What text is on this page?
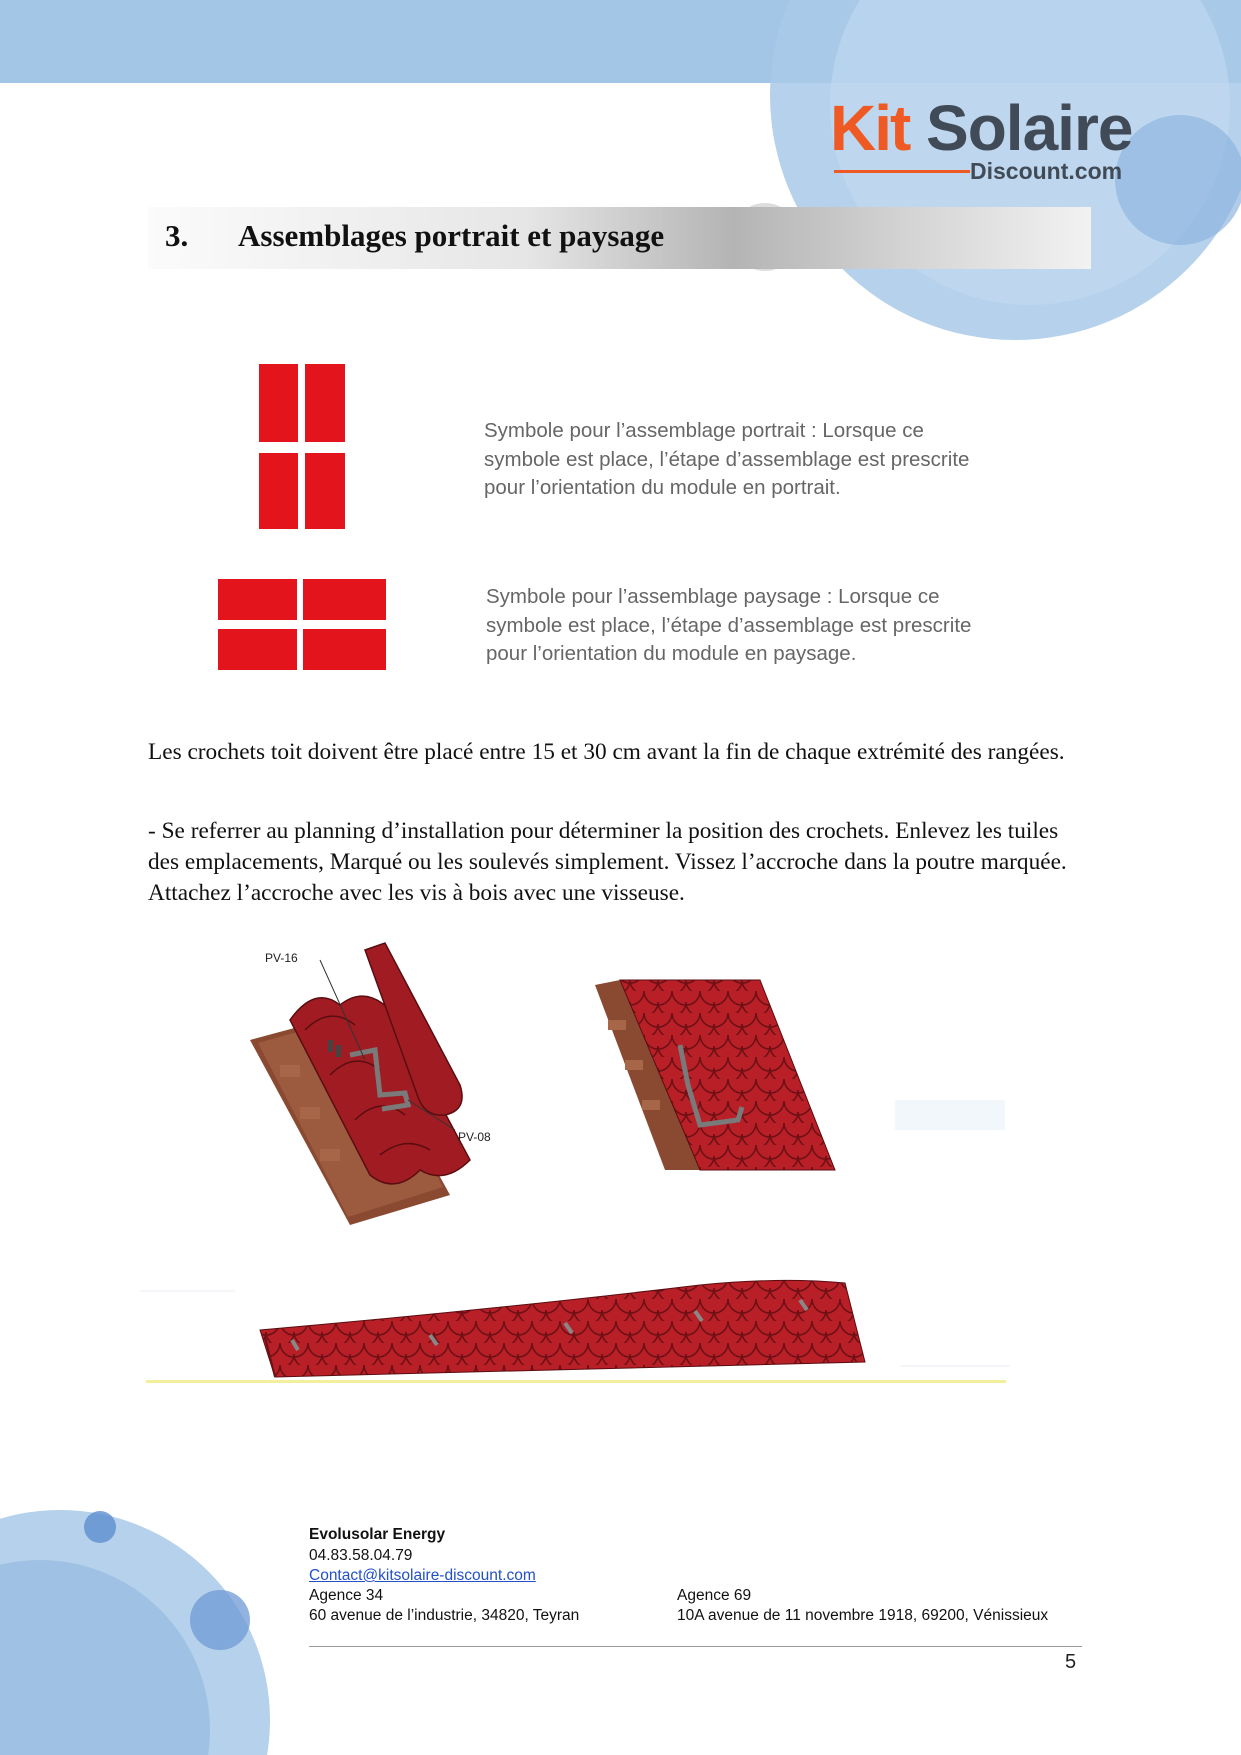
Kit Solaire
Discount.com
3. Assemblages portrait et paysage
Symbole pour l’assemblage portrait : Lorsque ce
symbole est place, l’étape d’assemblage est prescrite
pour l’orientation du module en portrait.
Symbole pour l’assemblage paysage : Lorsque ce
symbole est place, l’étape d’assemblage est prescrite
pour l’orientation du module en paysage.

Les crochets toit doivent être placé entre 15 et 30 cm avant la fin de chaque extrémité des rangées.

- Se referrer au planning d’installation pour déterminer la position des crochets. Enlevez les tuiles des emplacements, Marqué ou les soulevés simplement. Vissez l’accroche dans la poutre marquée. Attachez l’accroche avec les vis à bois avec une visseuse.

PV-16
PV-08
Evolusolar Energy
04.83.58.04.79
Contact@kitsolaire-discount.com
Agence 34
60 avenue de l’industrie, 34820, Teyran
Agence 69
10A avenue de 11 novembre 1918, 69200, Vénissieux
5
